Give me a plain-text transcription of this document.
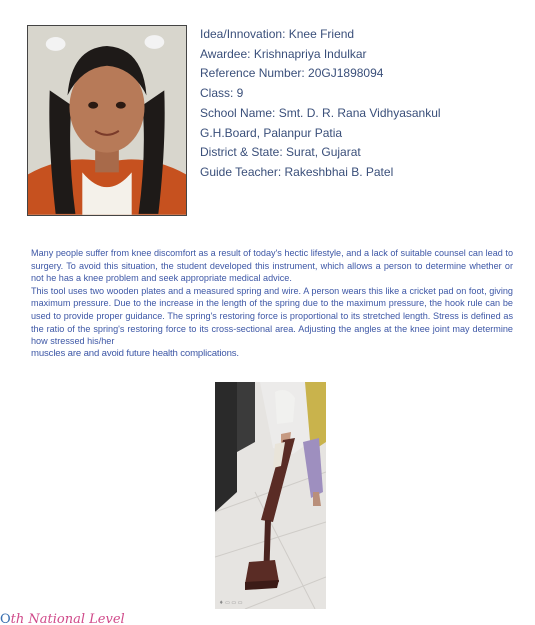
Idea/Innovation: Knee Friend
Awardee: Krishnapriya Indulkar
Reference Number: 20GJ1898094
Class: 9
School Name: Smt. D. R. Rana Vidhyasankul
G.H.Board, Palanpur Patia
District & State: Surat, Gujarat
Guide Teacher: Rakeshbhai B. Patel

Many people suffer from knee discomfort as a result of today's hectic lifestyle, and a lack of suitable counsel can lead to surgery. To avoid this situation, the student developed this instrument, which allows a person to determine whether or not he has a knee problem and seek appropriate medical advice.

This tool uses two wooden plates and a measured spring and wire. A person wears this like a cricket pad on foot, giving maximum pressure. Due to the increase in the length of the spring due to the maximum pressure, the hook rule can be used to provide proper guidance. The spring's restoring force is proportional to its stretched length. Stress is defined as the ratio of the spring's restoring force to its cross-sectional area. Adjusting the angles at the knee joint may determine how stressed his/her

muscles are and avoid future health complications.

♦ ▭ ▭ ▭
Oth National Level
